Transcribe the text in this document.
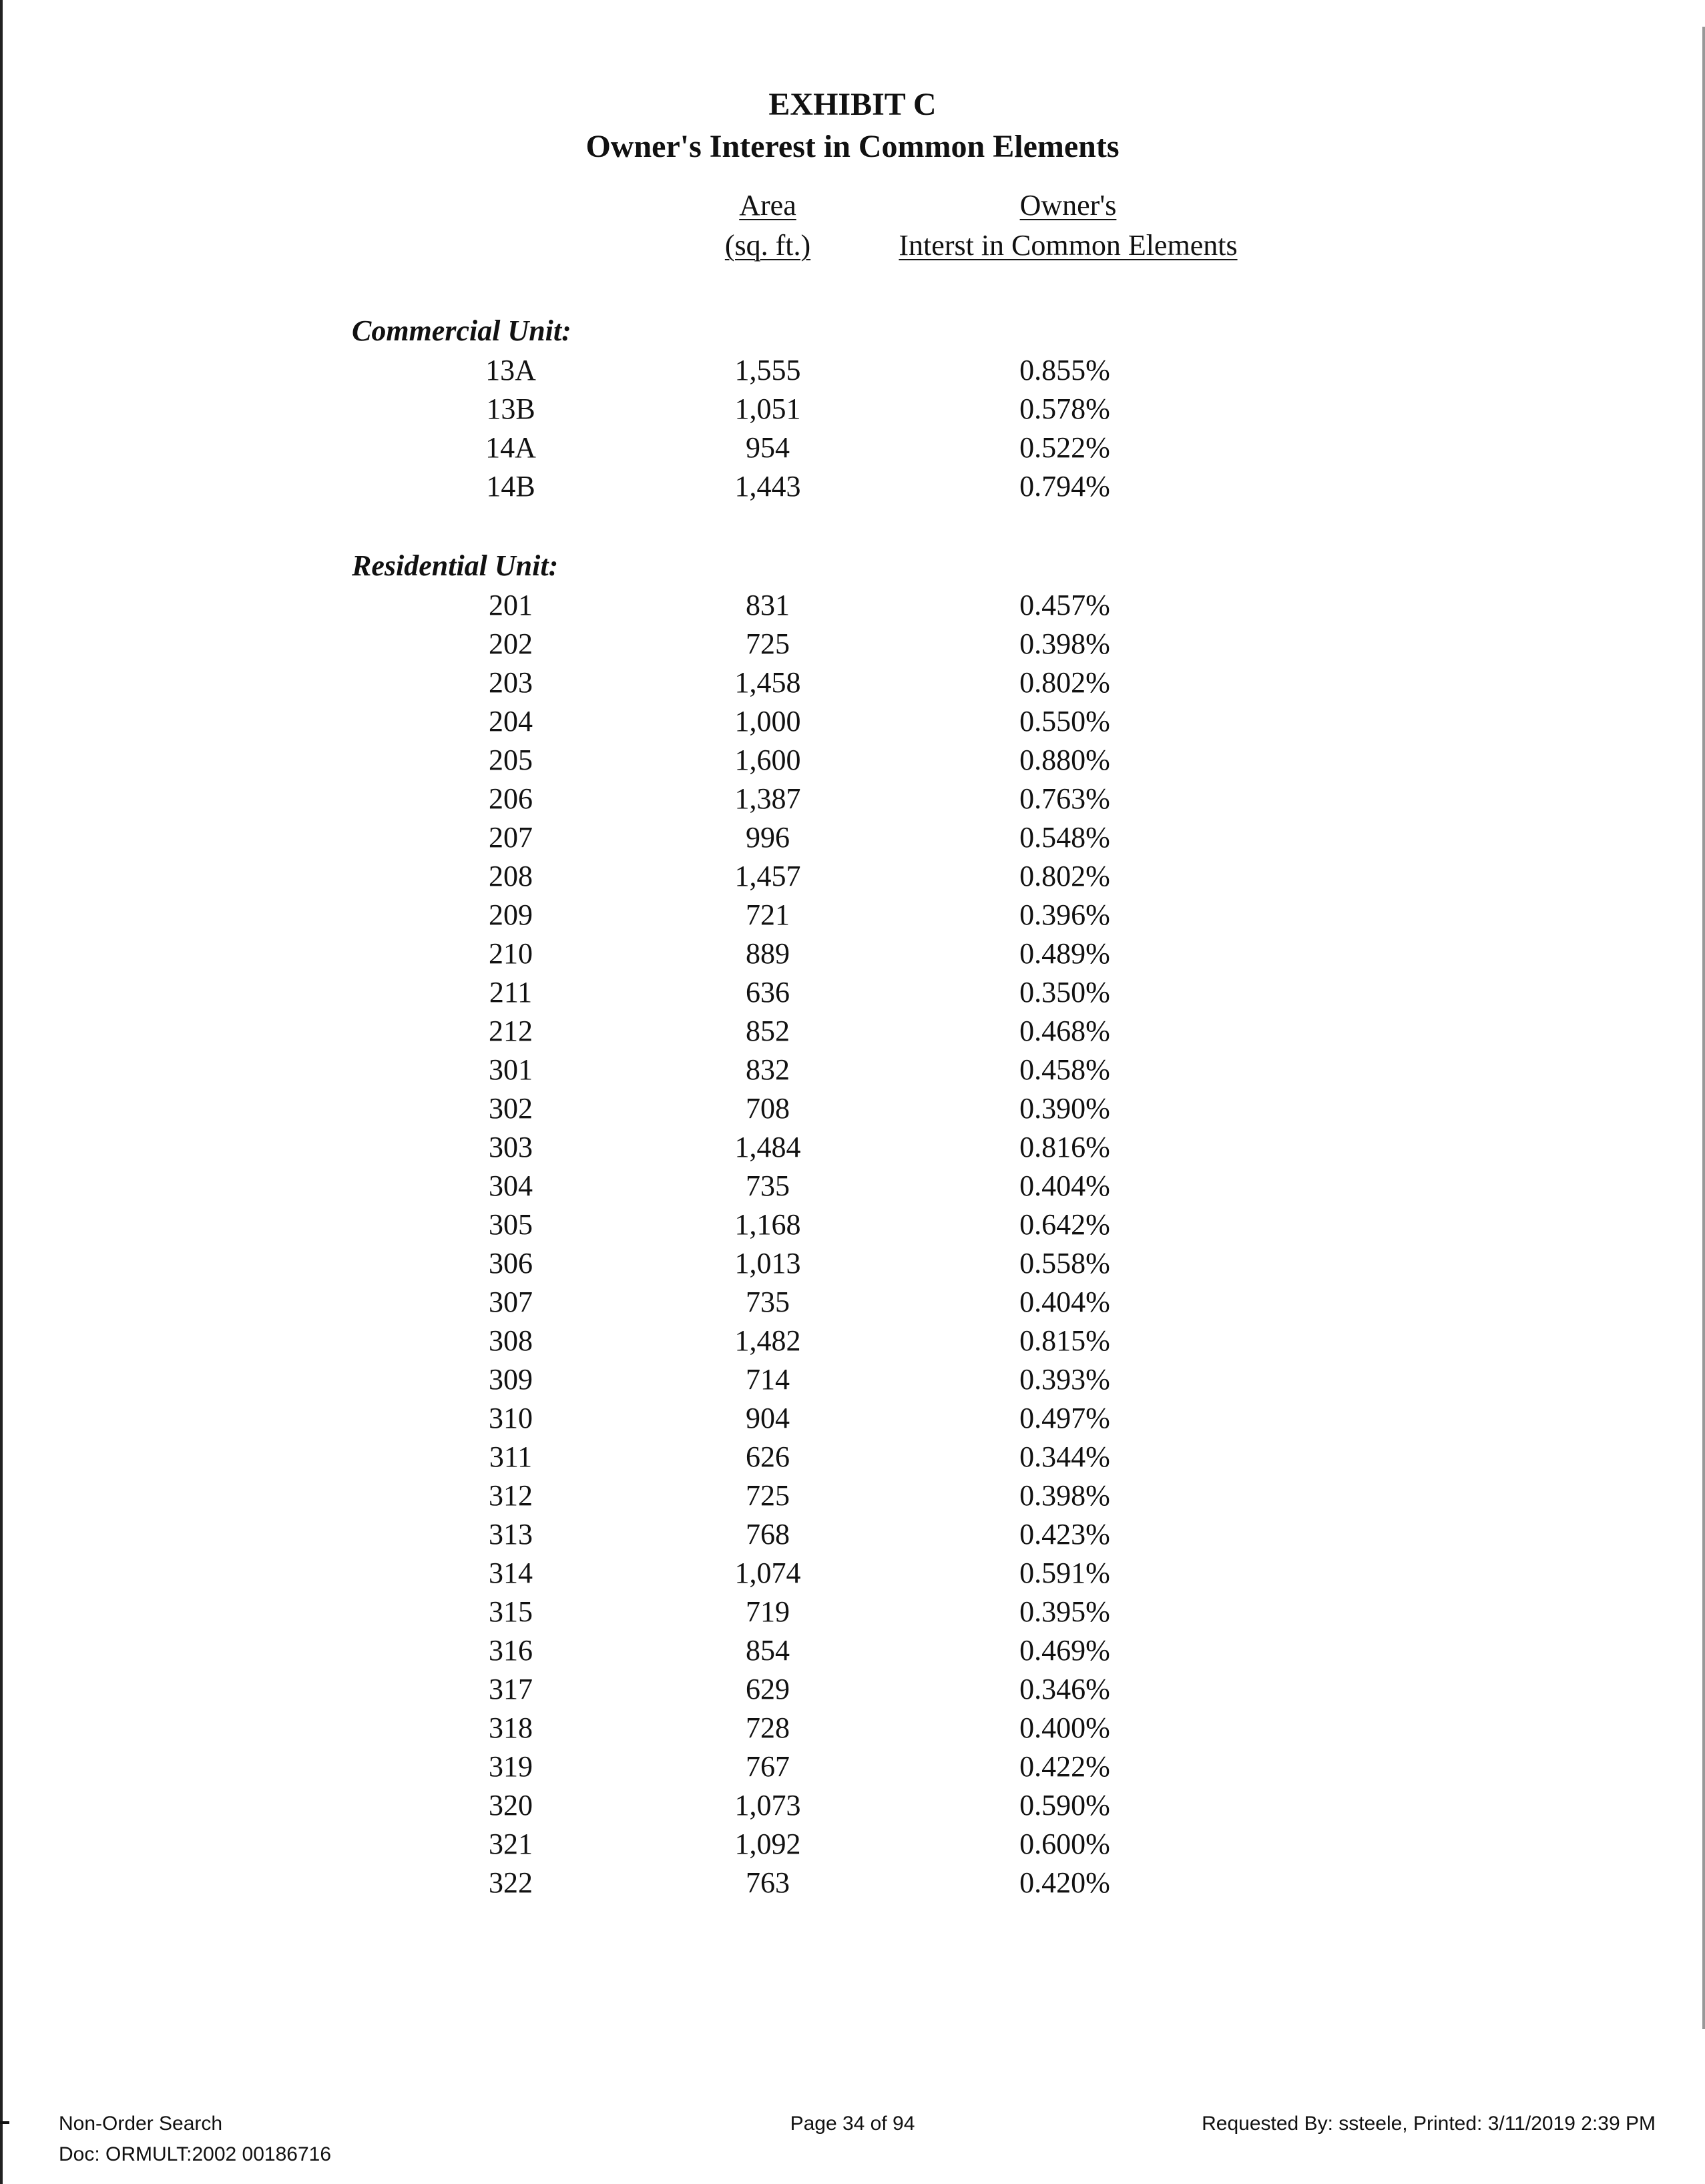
EXHIBIT C
Owner's Interest in Common Elements
Area
(sq. ft.)
Owner's
Interst in Common Elements
Commercial Unit:
Residential Unit:
13A	1,555	0.855%
13B	1,051	0.578%
14A	954	0.522%
14B	1,443	0.794%
201	831	0.457%
202	725	0.398%
203	1,458	0.802%
204	1,000	0.550%
205	1,600	0.880%
206	1,387	0.763%
207	996	0.548%
208	1,457	0.802%
209	721	0.396%
210	889	0.489%
211	636	0.350%
212	852	0.468%
301	832	0.458%
302	708	0.390%
303	1,484	0.816%
304	735	0.404%
305	1,168	0.642%
306	1,013	0.558%
307	735	0.404%
308	1,482	0.815%
309	714	0.393%
310	904	0.497%
311	626	0.344%
312	725	0.398%
313	768	0.423%
314	1,074	0.591%
315	719	0.395%
316	854	0.469%
317	629	0.346%
318	728	0.400%
319	767	0.422%
320	1,073	0.590%
321	1,092	0.600%
322	763	0.420%
Non-Order Search
Doc: ORMULT:2002 00186716
Page 34 of 94	Requested By: ssteele, Printed: 3/11/2019 2:39 PM
